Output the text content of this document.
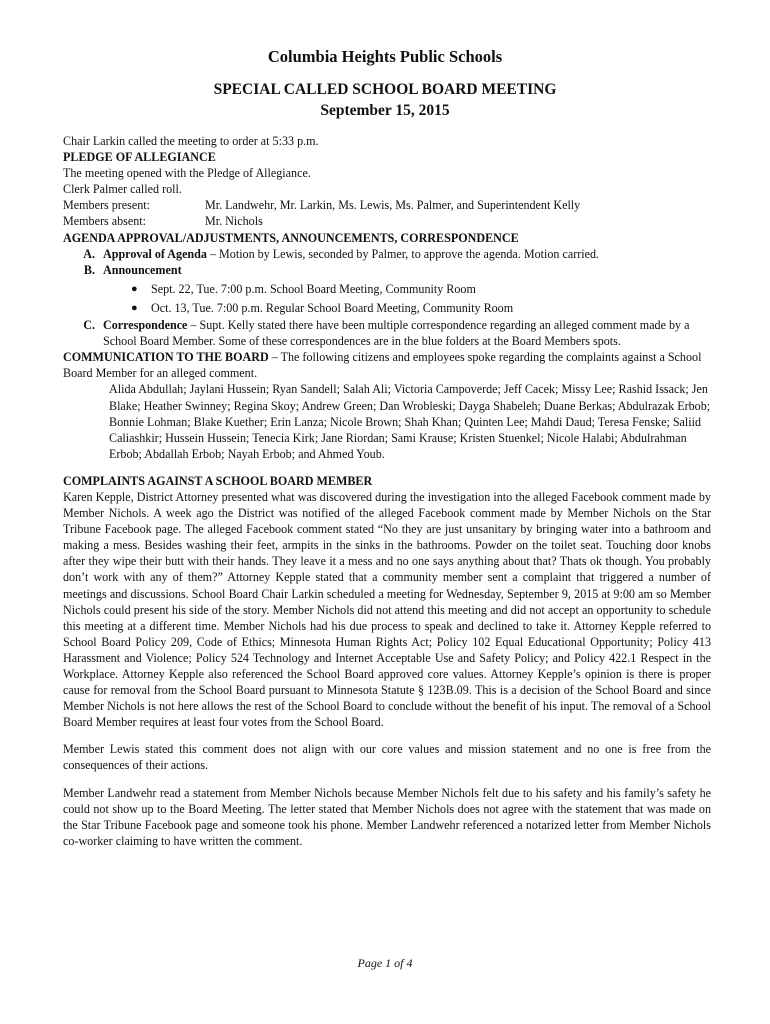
Columbia Heights Public Schools
SPECIAL CALLED SCHOOL BOARD MEETING
September 15, 2015
Chair Larkin called the meeting to order at 5:33 p.m.
PLEDGE OF ALLEGIANCE
The meeting opened with the Pledge of Allegiance.
Clerk Palmer called roll.
Members present:	Mr. Landwehr, Mr. Larkin, Ms. Lewis, Ms. Palmer, and Superintendent Kelly
Members absent:	Mr. Nichols
AGENDA APPROVAL/ADJUSTMENTS, ANNOUNCEMENTS, CORRESPONDENCE
A. Approval of Agenda – Motion by Lewis, seconded by Palmer, to approve the agenda. Motion carried.
B. Announcement
●	Sept. 22, Tue. 7:00 p.m. School Board Meeting, Community Room
●	Oct. 13, Tue. 7:00 p.m. Regular School Board Meeting, Community Room
C. Correspondence – Supt. Kelly stated there have been multiple correspondence regarding an alleged comment made by a School Board Member. Some of these correspondences are in the blue folders at the Board Members spots.
COMMUNICATION TO THE BOARD – The following citizens and employees spoke regarding the complaints against a School Board Member for an alleged comment.
Alida Abdullah; Jaylani Hussein; Ryan Sandell; Salah Ali; Victoria Campoverde; Jeff Cacek; Missy Lee; Rashid Issack; Jen Blake; Heather Swinney; Regina Skoy; Andrew Green; Dan Wrobleski; Dayga Shabeleh; Duane Berkas; Abdulrazak Erbob; Bonnie Lohman; Blake Kuether; Erin Lanza; Nicole Brown; Shah Khan; Quinten Lee; Mahdi Daud; Teresa Fenske; Saliid Caliashkir; Hussein Hussein; Tenecia Kirk; Jane Riordan; Sami Krause; Kristen Stuenkel; Nicole Halabi; Abdulrahman Erbob; Abdallah Erbob; Nayah Erbob; and Ahmed Youb.
COMPLAINTS AGAINST A SCHOOL BOARD MEMBER

Karen Kepple, District Attorney presented what was discovered during the investigation into the alleged Facebook comment made by Member Nichols. A week ago the District was notified of the alleged Facebook comment made by Member Nichols on the Star Tribune Facebook page. The alleged Facebook comment stated “No they are just unsanitary by bringing water into a bathroom and making a mess. Besides washing their feet, armpits in the sinks in the bathrooms. Powder on the toilet seat. Touching door knobs after they wipe their butt with their hands. They leave it a mess and no one says anything about that? Thats ok though. You probably don’t work with any of them?” Attorney Kepple stated that a community member sent a complaint that triggered a number of meetings and discussions. School Board Chair Larkin scheduled a meeting for Wednesday, September 9, 2015 at 9:00 am so Member Nichols could present his side of the story. Member Nichols did not attend this meeting and did not accept an opportunity to schedule this meeting at a different time. Member Nichols had his due process to speak and declined to take it. Attorney Kepple referred to School Board Policy 209, Code of Ethics; Minnesota Human Rights Act; Policy 102 Equal Educational Opportunity; Policy 413 Harassment and Violence; Policy 524 Technology and Internet Acceptable Use and Safety Policy; and Policy 422.1 Respect in the Workplace. Attorney Kepple also referenced the School Board approved core values. Attorney Kepple’s opinion is there is proper cause for removal from the School Board pursuant to Minnesota Statute § 123B.09. This is a decision of the School Board and since Member Nichols is not here allows the rest of the School Board to conclude without the benefit of his input. The removal of a School Board Member requires at least four votes from the School Board.

Member Lewis stated this comment does not align with our core values and mission statement and no one is free from the consequences of their actions.

Member Landwehr read a statement from Member Nichols because Member Nichols felt due to his safety and his family’s safety he could not show up to the Board Meeting. The letter stated that Member Nichols does not agree with the statement that was made on the Star Tribune Facebook page and someone took his phone. Member Landwehr referenced a notarized letter from Member Nichols co-worker claiming to have written the comment.

Page 1 of 4
